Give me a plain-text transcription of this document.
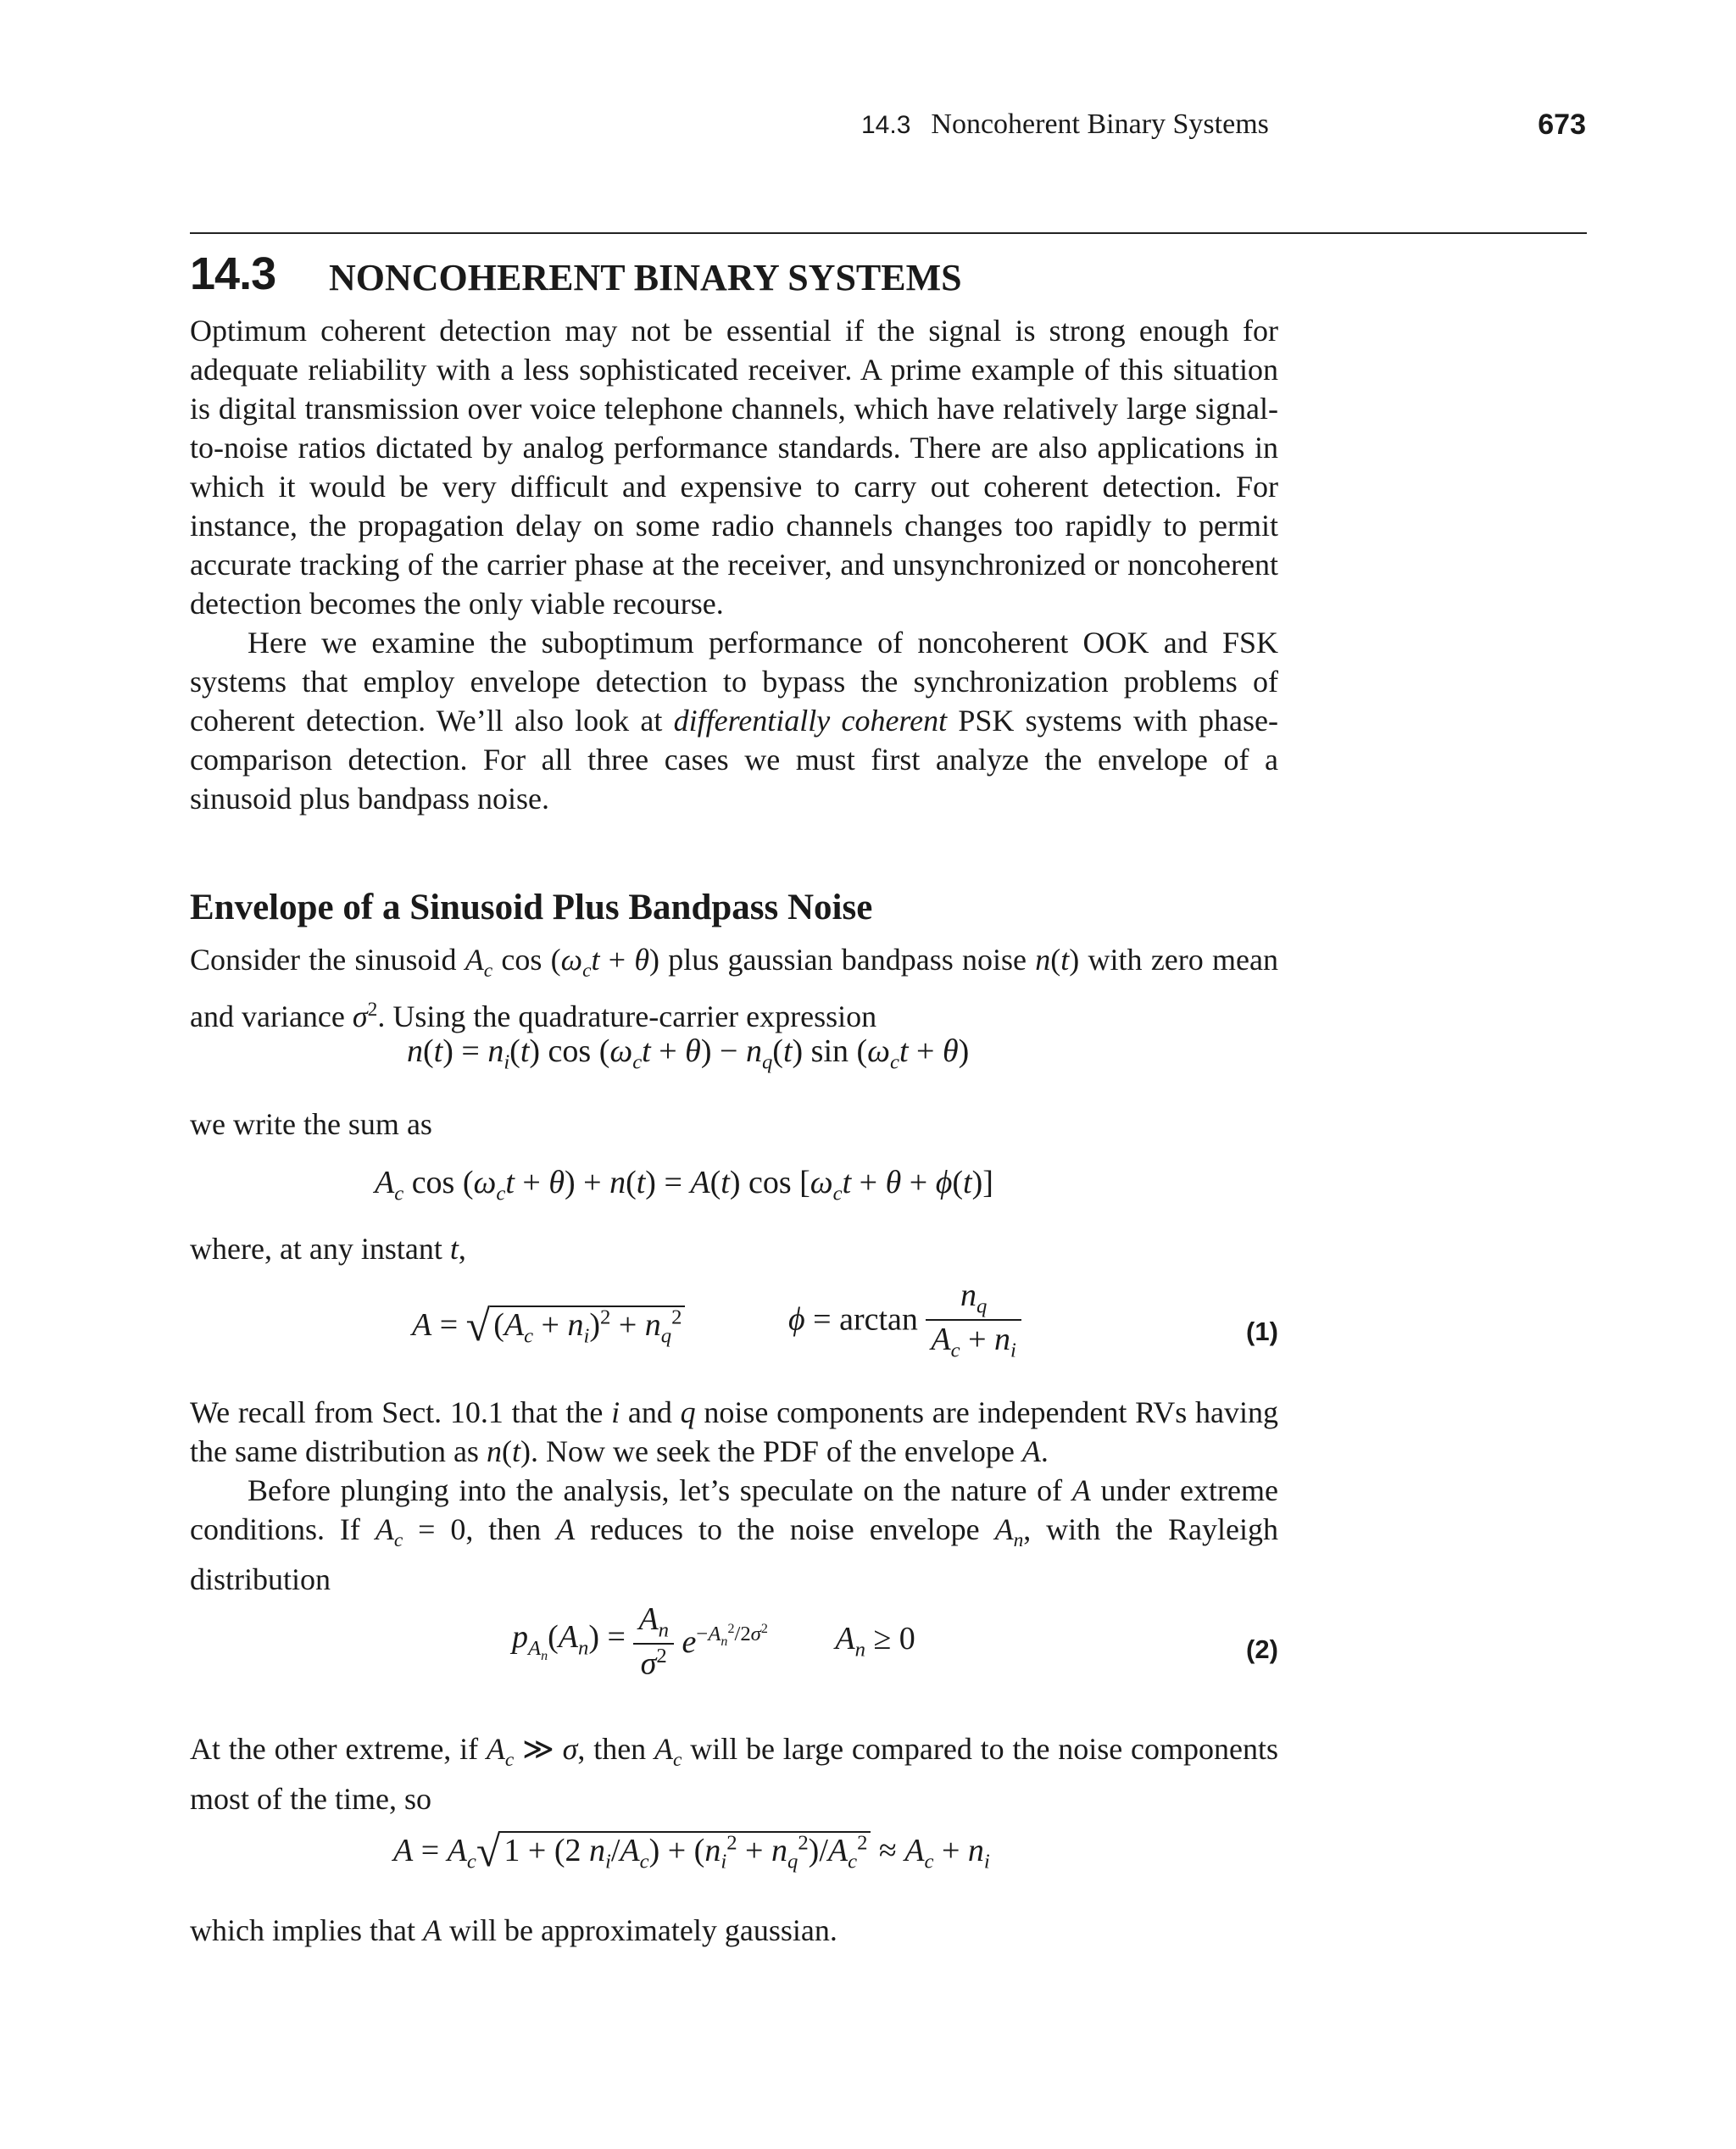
14.3 Noncoherent Binary Systems	673
14.3 NONCOHERENT BINARY SYSTEMS

Optimum coherent detection may not be essential if the signal is strong enough for adequate reliability with a less sophisticated receiver. A prime example of this situation is digital transmission over voice telephone channels, which have relatively large signal-to-noise ratios dictated by analog performance standards. There are also applications in which it would be very difficult and expensive to carry out coherent detection. For instance, the propagation delay on some radio channels changes too rapidly to permit accurate tracking of the carrier phase at the receiver, and unsynchronized or noncoherent detection becomes the only viable recourse.

Here we examine the suboptimum performance of noncoherent OOK and FSK systems that employ envelope detection to bypass the synchronization problems of coherent detection. We’ll also look at differentially coherent PSK systems with phase-comparison detection. For all three cases we must first analyze the envelope of a sinusoid plus bandpass noise.

Envelope of a Sinusoid Plus Bandpass Noise

Consider the sinusoid $A_c$ $\cos (\omega_ct + \theta)$ plus gaussian bandpass noise n(t) with zero mean and variance $\sigma^2$. Using the quadrature-carrier expression

$n(t) = n_i(t)$ $\cos (\omega_ct + \theta) - n_q(t)$ $\sin (\omega_ct + \theta)$
we write the sum as
$A_c$ $\cos (\omega_ct + \theta) + n(t) = A(t)$ $\cos [\omega_ct + \theta + \phi(t)]$
where, at any instant t,
A = √ $(A_c + n_i)^2 + n_q^2$	$\phi = \arctan \frac{n_q}{A_c + n_i}$	(1)

We recall from Sect. 10.1 that the i and q noise components are independent RVs having the same distribution as n(t). Now we seek the PDF of the envelope A.

Before plunging into the analysis, let’s speculate on the nature of A under extreme conditions. If $A_c = 0$, then A reduces to the noise envelope $A_n$, with the Rayleigh distribution

$p_{A_n}(A_n) = \frac{A_n}{\sigma^2} e^{-A_n^2/2\sigma^2}$ $A_n \ge 0$	(2)

At the other extreme, if $A_c$ ≫ σ, then $A_c$ will be large compared to the noise components most of the time, so

$A = A_c√$ 1 + (2 $n_i/A_c) + (n_i^2 + n_q^2)/A_c^2 \approx A_c + n_i$
which implies that A will be approximately gaussian.
